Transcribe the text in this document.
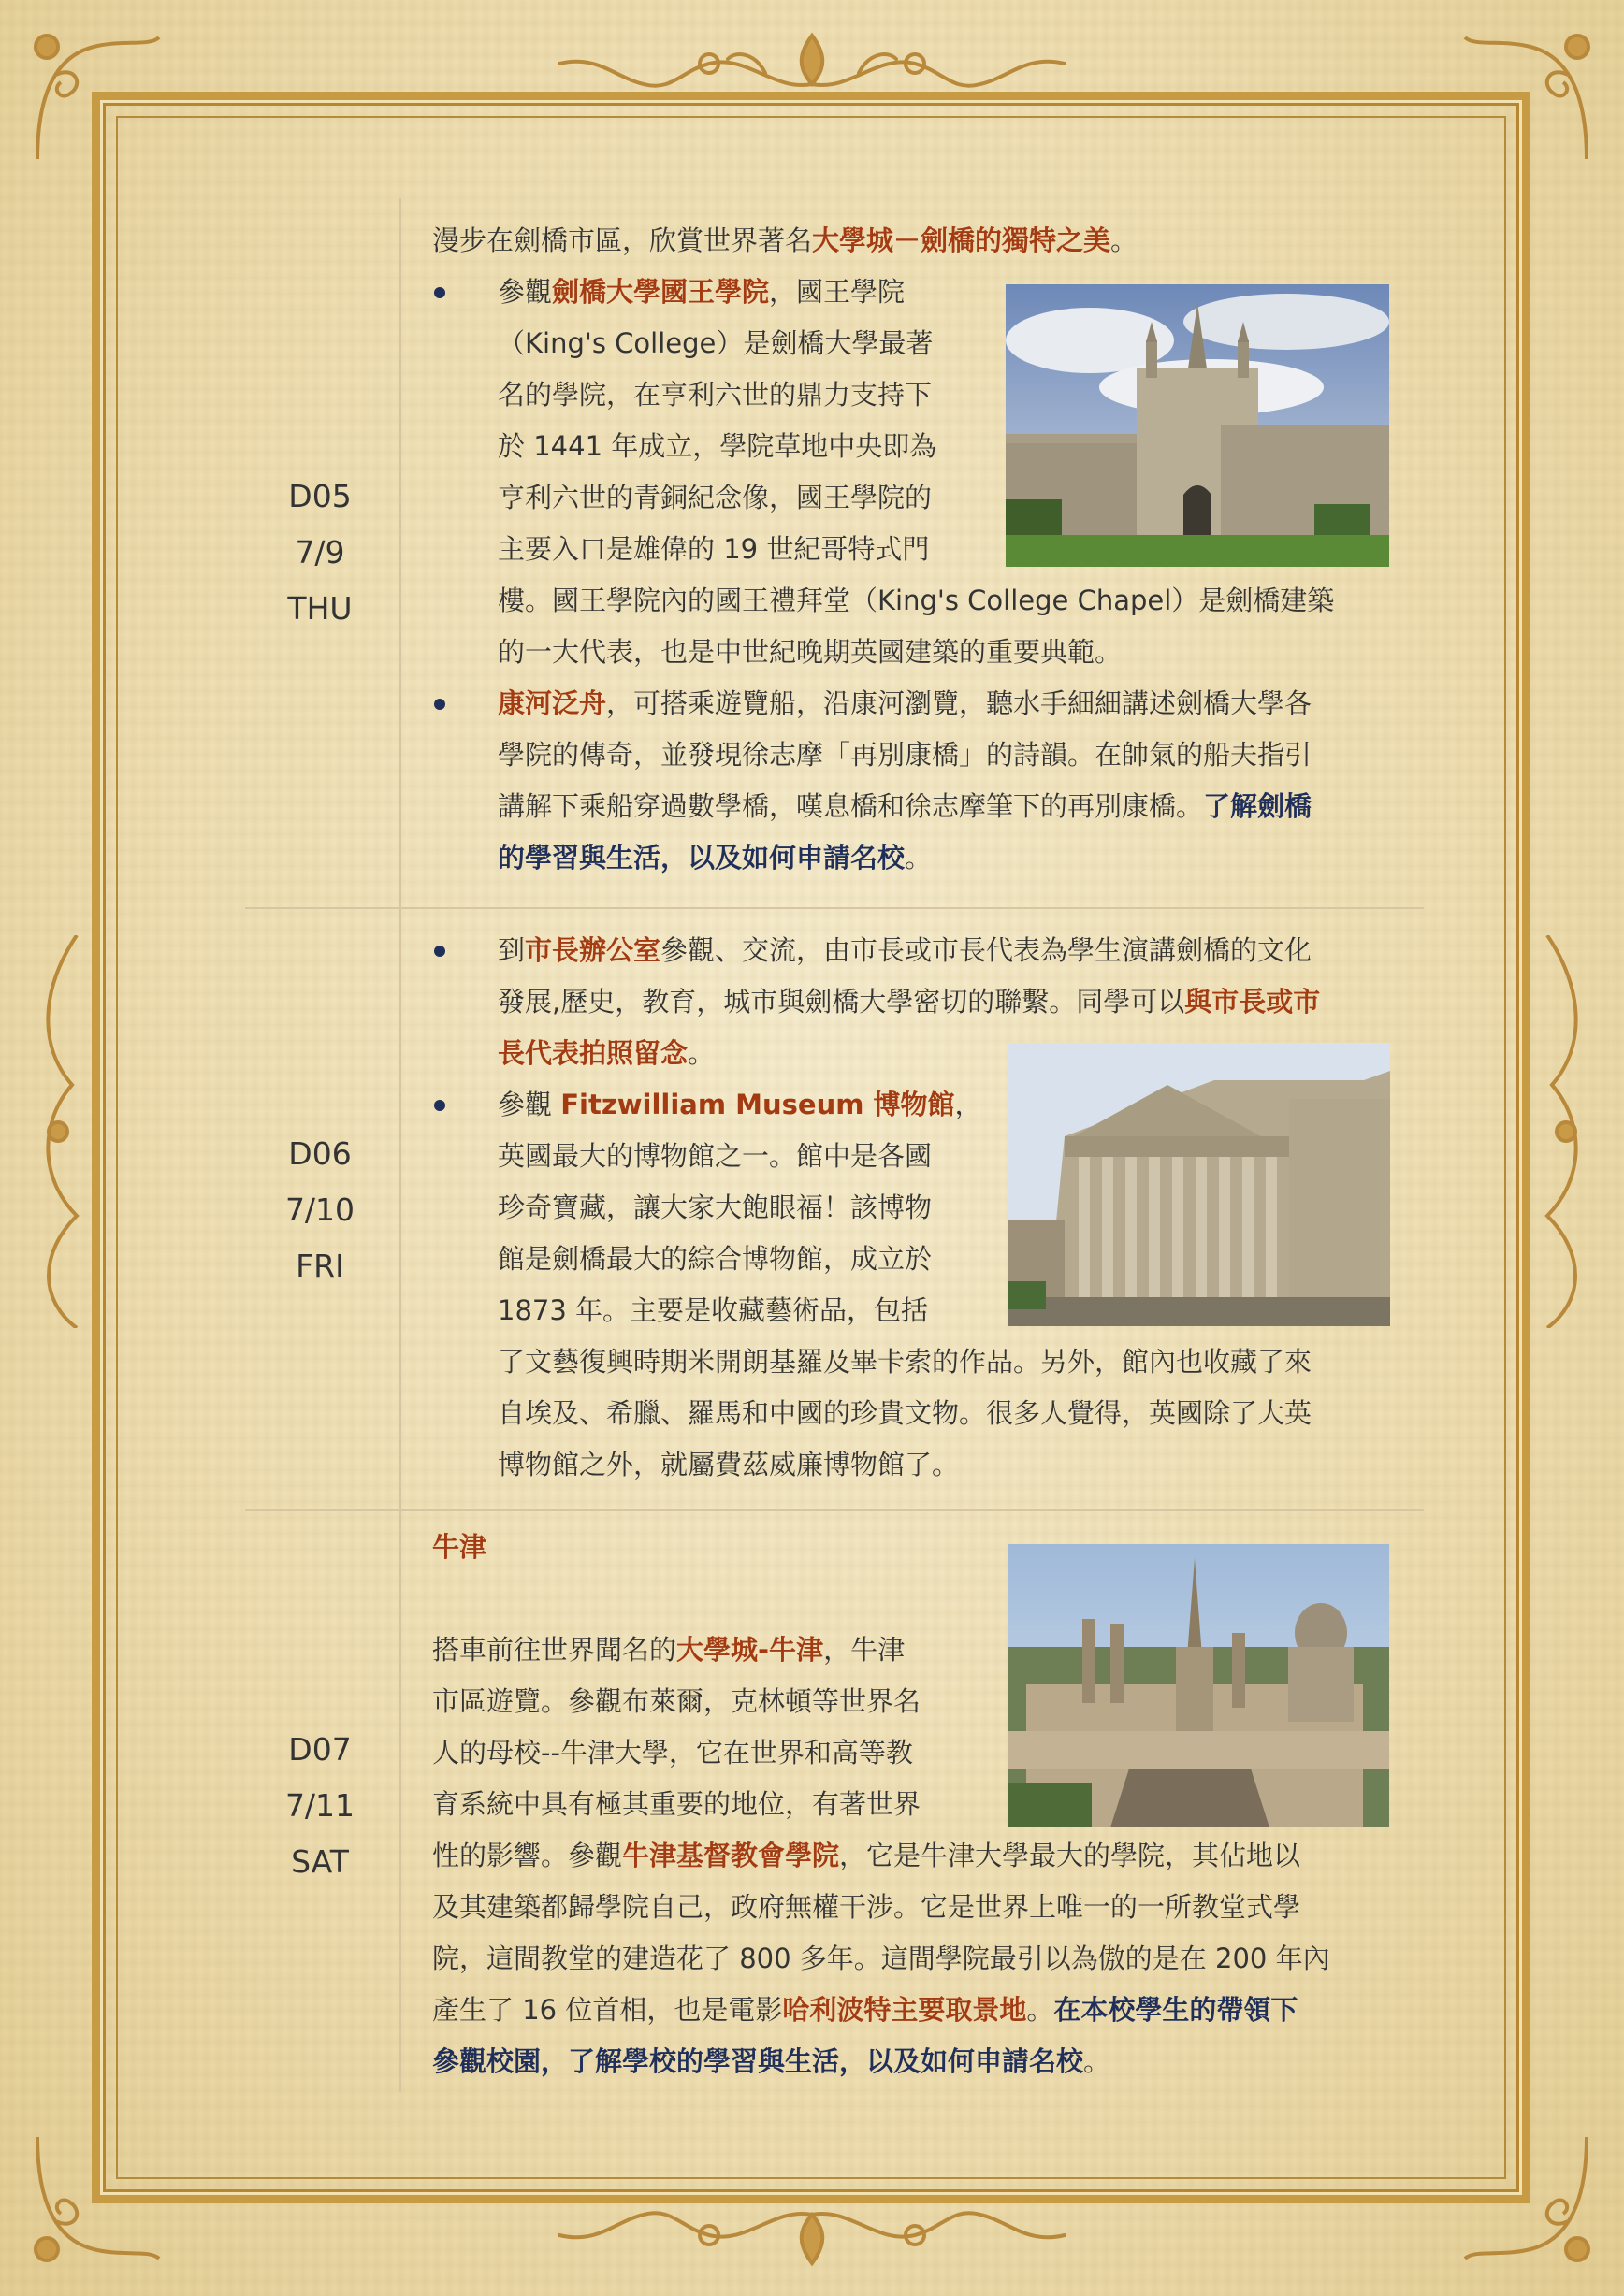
D05
7/9
THU
D06
7/10
FRI
D07
7/11
SAT
漫步在劍橋市區，欣賞世界著名大學城－劍橋的獨特之美。
參觀劍橋大學國王學院，國王學院
（King's College）是劍橋大學最著
名的學院，在亨利六世的鼎力支持下
於 1441 年成立，學院草地中央即為
亨利六世的青銅紀念像，國王學院的
主要入口是雄偉的 19 世紀哥特式門
樓。國王學院內的國王禮拜堂（King's College Chapel）是劍橋建築
的一大代表，也是中世紀晚期英國建築的重要典範。
康河泛舟，可搭乘遊覽船，沿康河瀏覽，聽水手細細講述劍橋大學各
學院的傳奇，並發現徐志摩「再別康橋」的詩韻。在帥氣的船夫指引
講解下乘船穿過數學橋，嘆息橋和徐志摩筆下的再別康橋。了解劍橋
的學習與生活，以及如何申請名校。
到市長辦公室參觀、交流，由市長或市長代表為學生演講劍橋的文化
發展,歷史，教育，城市與劍橋大學密切的聯繫。同學可以與市長或市
長代表拍照留念。
參觀 Fitzwilliam Museum 博物館，
英國最大的博物館之一。館中是各國
珍奇寶藏，讓大家大飽眼福！該博物
館是劍橋最大的綜合博物館，成立於
1873 年。主要是收藏藝術品，包括
了文藝復興時期米開朗基羅及畢卡索的作品。另外，館內也收藏了來
自埃及、希臘、羅馬和中國的珍貴文物。很多人覺得，英國除了大英
博物館之外，就屬費茲威廉博物館了。
牛津
搭車前往世界聞名的大學城-牛津，牛津
市區遊覽。參觀布萊爾，克林頓等世界名
人的母校--牛津大學，它在世界和高等教
育系統中具有極其重要的地位，有著世界
性的影響。參觀牛津基督教會學院，它是牛津大學最大的學院，其佔地以
及其建築都歸學院自己，政府無權干涉。它是世界上唯一的一所教堂式學
院，這間教堂的建造花了 800 多年。這間學院最引以為傲的是在 200 年內
產生了 16 位首相，也是電影哈利波特主要取景地。在本校學生的帶領下
參觀校園，了解學校的學習與生活，以及如何申請名校。
